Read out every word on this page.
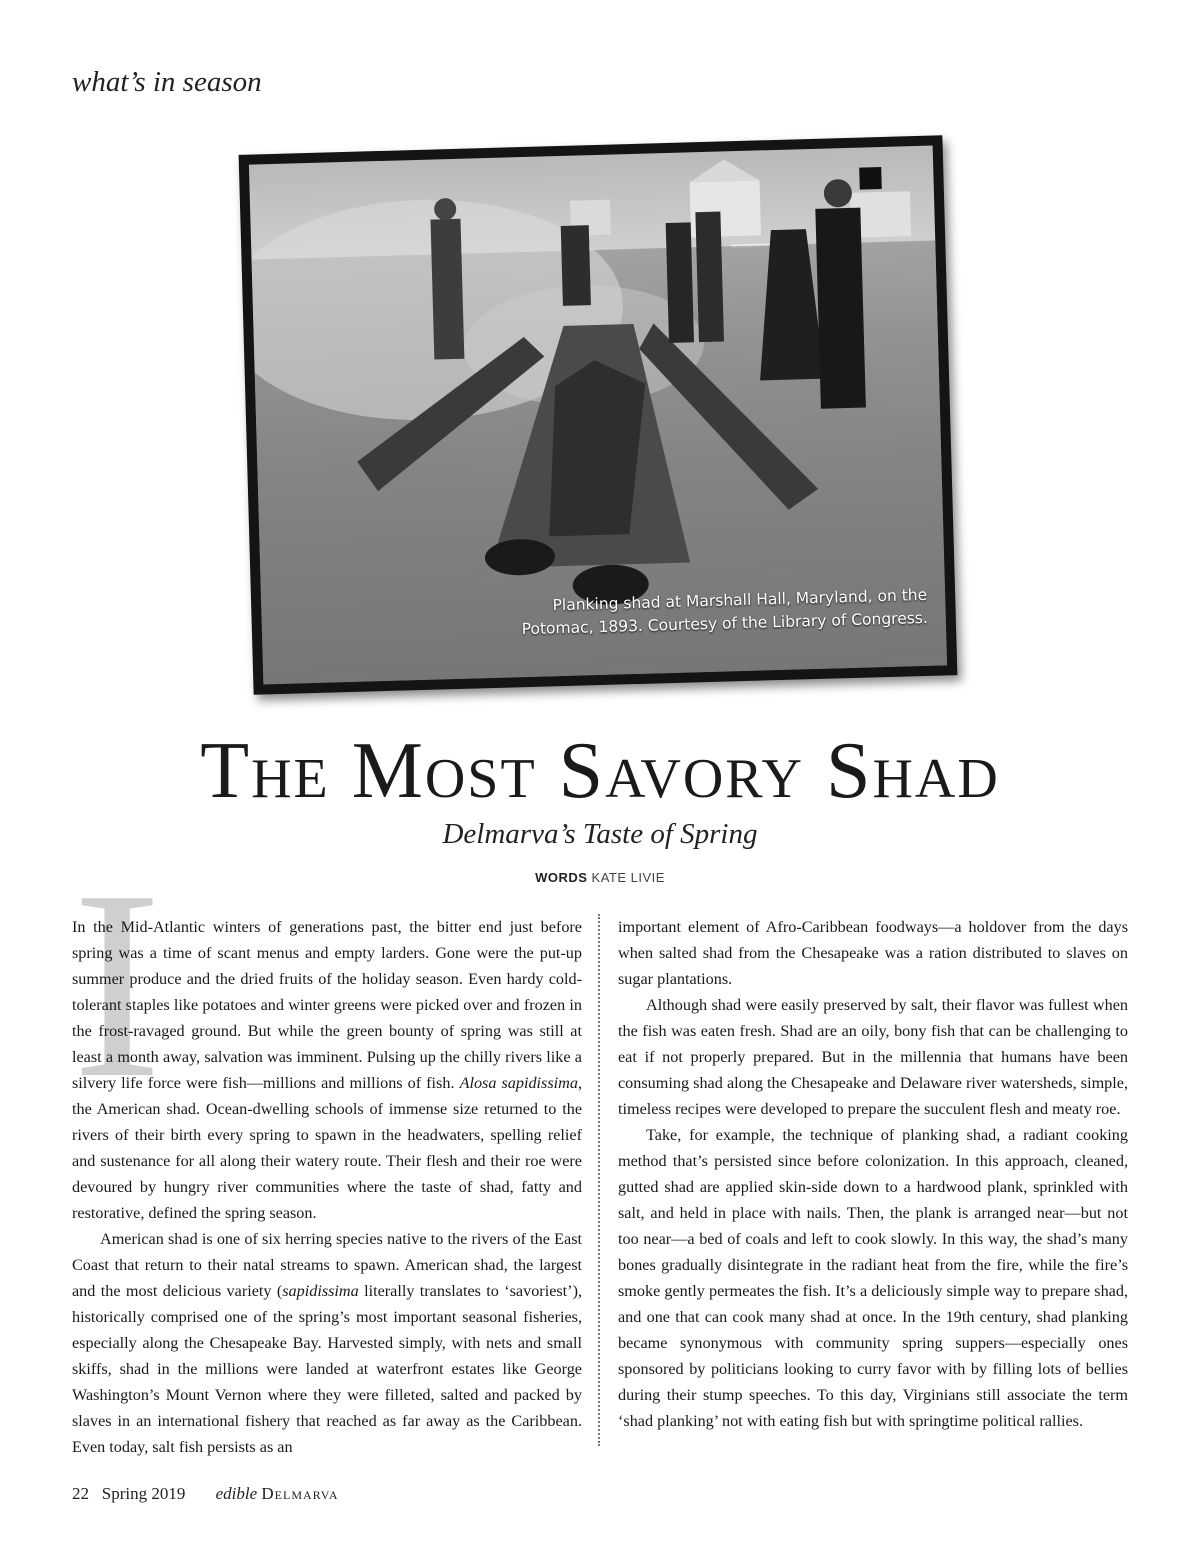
what’s in season
Planking shad at Marshall Hall, Maryland, on the
Potomac, 1893. Courtesy of the Library of Congress.
The Most Savory Shad
Delmarva’s Taste of Spring
WORDS KATE LIVIE
I

In the Mid-Atlantic winters of generations past, the bitter end just before spring was a time of scant menus and empty larders. Gone were the put-up summer produce and the dried fruits of the holiday season. Even hardy cold-tolerant staples like potatoes and winter greens were picked over and frozen in the frost-ravaged ground. But while the green bounty of spring was still at least a month away, salvation was imminent. Pulsing up the chilly rivers like a silvery life force were fish—millions and millions of fish. Alosa sapidissima, the American shad. Ocean-dwelling schools of immense size returned to the rivers of their birth every spring to spawn in the headwaters, spelling relief and sustenance for all along their watery route. Their flesh and their roe were devoured by hungry river communities where the taste of shad, fatty and restorative, defined the spring season.

American shad is one of six herring species native to the rivers of the East Coast that return to their natal streams to spawn. American shad, the largest and the most delicious variety (sapidissima literally translates to ‘savoriest’), historically comprised one of the spring’s most important seasonal fisheries, especially along the Chesapeake Bay. Harvested simply, with nets and small skiffs, shad in the millions were landed at waterfront estates like George Washington’s Mount Vernon where they were filleted, salted and packed by slaves in an international fishery that reached as far away as the Caribbean. Even today, salt fish persists as an

important element of Afro-Caribbean foodways—a holdover from the days when salted shad from the Chesapeake was a ration distributed to slaves on sugar plantations.

Although shad were easily preserved by salt, their flavor was fullest when the fish was eaten fresh. Shad are an oily, bony fish that can be challenging to eat if not properly prepared. But in the millennia that humans have been consuming shad along the Chesapeake and Delaware river watersheds, simple, timeless recipes were developed to prepare the succulent flesh and meaty roe.

Take, for example, the technique of planking shad, a radiant cooking method that’s persisted since before colonization. In this approach, cleaned, gutted shad are applied skin-side down to a hardwood plank, sprinkled with salt, and held in place with nails. Then, the plank is arranged near—but not too near—a bed of coals and left to cook slowly. In this way, the shad’s many bones gradually disintegrate in the radiant heat from the fire, while the fire’s smoke gently permeates the fish. It’s a deliciously simple way to prepare shad, and one that can cook many shad at once. In the 19th century, shad planking became synonymous with community spring suppers—especially ones sponsored by politicians looking to curry favor with by filling lots of bellies during their stump speeches. To this day, Virginians still associate the term ‘shad planking’ not with eating fish but with springtime political rallies.

22 Spring 2019 edible Delmarva
